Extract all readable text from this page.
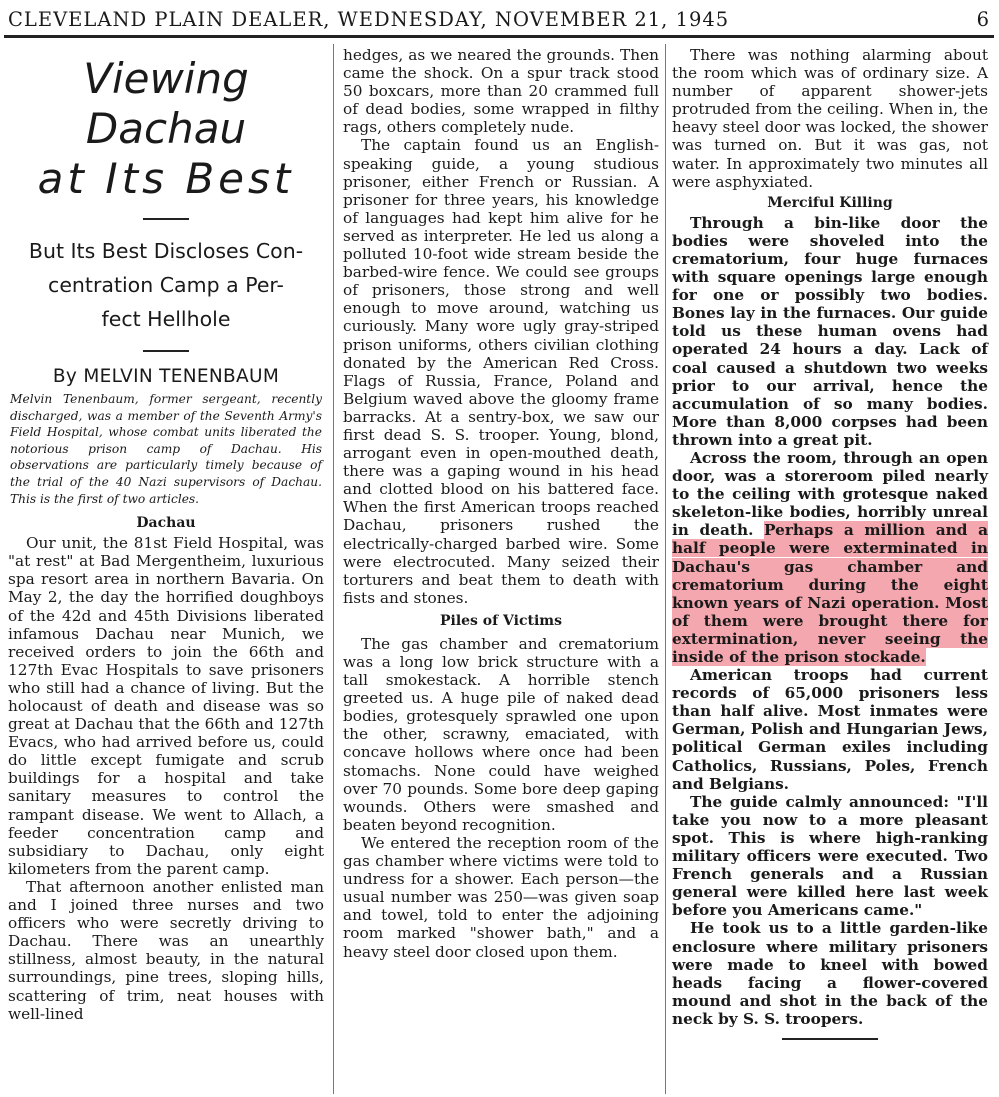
CLEVELAND PLAIN DEALER, WEDNESDAY, NOVEMBER 21, 1945	6
Viewing Dachau
at Its Best
But Its Best Discloses Con-
centration Camp a Per-
fect Hellhole
By MELVIN TENENBAUM

Melvin Tenenbaum, former sergeant, recently discharged, was a member of the Seventh Army's Field Hospital, whose combat units liberated the notorious prison camp of Dachau. His observations are particularly timely because of the trial of the 40 Nazi supervisors of Dachau. This is the first of two articles.

Dachau

Our unit, the 81st Field Hospital, was "at rest" at Bad Mergentheim, luxurious spa resort area in northern Bavaria. On May 2, the day the horrified doughboys of the 42d and 45th Divisions liberated infamous Dachau near Munich, we received orders to join the 66th and 127th Evac Hospitals to save prisoners who still had a chance of living. But the holocaust of death and disease was so great at Dachau that the 66th and 127th Evacs, who had arrived before us, could do little except fumigate and scrub buildings for a hospital and take sanitary measures to control the rampant disease. We went to Allach, a feeder concentration camp and subsidiary to Dachau, only eight kilometers from the parent camp.

That afternoon another enlisted man and I joined three nurses and two officers who were secretly driving to Dachau. There was an unearthly stillness, almost beauty, in the natural surroundings, pine trees, sloping hills, scattering of trim, neat houses with well-lined

hedges, as we neared the grounds. Then came the shock. On a spur track stood 50 boxcars, more than 20 crammed full of dead bodies, some wrapped in filthy rags, others completely nude.

The captain found us an English-speaking guide, a young studious prisoner, either French or Russian. A prisoner for three years, his knowledge of languages had kept him alive for he served as interpreter. He led us along a polluted 10-foot wide stream beside the barbed-wire fence. We could see groups of prisoners, those strong and well enough to move around, watching us curiously. Many wore ugly gray-striped prison uniforms, others civilian clothing donated by the American Red Cross. Flags of Russia, France, Poland and Belgium waved above the gloomy frame barracks. At a sentry-box, we saw our first dead S. S. trooper. Young, blond, arrogant even in open-mouthed death, there was a gaping wound in his head and clotted blood on his battered face. When the first American troops reached Dachau, prisoners rushed the electrically-charged barbed wire. Some were electrocuted. Many seized their torturers and beat them to death with fists and stones.

Piles of Victims

The gas chamber and crematorium was a long low brick structure with a tall smokestack. A horrible stench greeted us. A huge pile of naked dead bodies, grotesquely sprawled one upon the other, scrawny, emaciated, with concave hollows where once had been stomachs. None could have weighed over 70 pounds. Some bore deep gaping wounds. Others were smashed and beaten beyond recognition.

We entered the reception room of the gas chamber where victims were told to undress for a shower. Each person—the usual number was 250—was given soap and towel, told to enter the adjoining room marked "shower bath," and a heavy steel door closed upon them.

There was nothing alarming about the room which was of ordinary size. A number of apparent shower-jets protruded from the ceiling. When in, the heavy steel door was locked, the shower was turned on. But it was gas, not water. In approximately two minutes all were asphyxiated.

Merciful Killing

Through a bin-like door the bodies were shoveled into the crematorium, four huge furnaces with square openings large enough for one or possibly two bodies. Bones lay in the furnaces. Our guide told us these human ovens had operated 24 hours a day. Lack of coal caused a shutdown two weeks prior to our arrival, hence the accumulation of so many bodies. More than 8,000 corpses had been thrown into a great pit.

Across the room, through an open door, was a storeroom piled nearly to the ceiling with grotesque naked skeleton-like bodies, horribly unreal in death. Perhaps a million and a half people were exterminated in Dachau's gas chamber and crematorium during the eight known years of Nazi operation. Most of them were brought there for extermination, never seeing the inside of the prison stockade.

American troops had current records of 65,000 prisoners less than half alive. Most inmates were German, Polish and Hungarian Jews, political German exiles including Catholics, Russians, Poles, French and Belgians.

The guide calmly announced: "I'll take you now to a more pleasant spot. This is where high-ranking military officers were executed. Two French generals and a Russian general were killed here last week before you Americans came."

He took us to a little garden-like enclosure where military prisoners were made to kneel with bowed heads facing a flower-covered mound and shot in the back of the neck by S. S. troopers.
